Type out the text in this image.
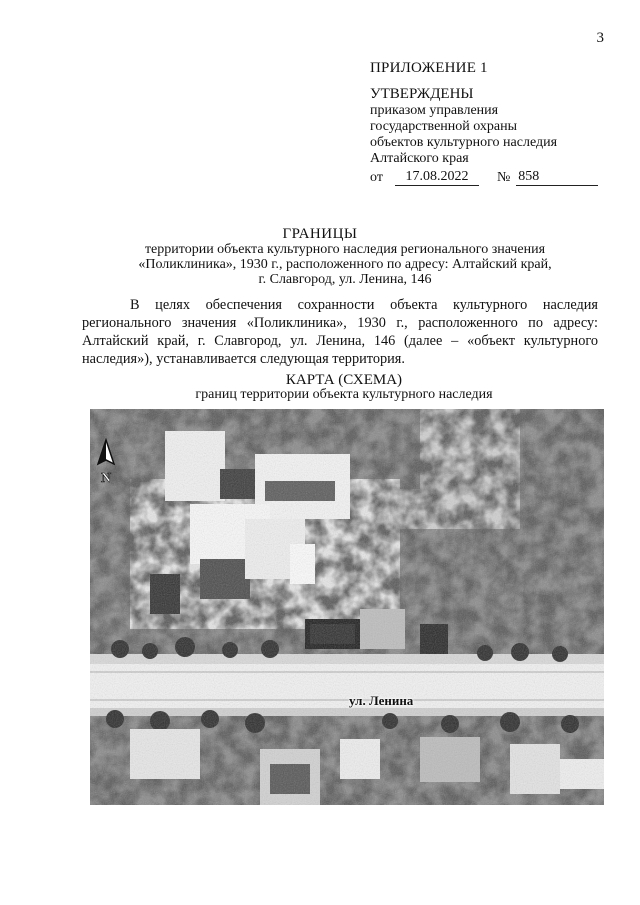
3
ПРИЛОЖЕНИЕ 1
УТВЕРЖДЕНЫ
приказом управления
государственной охраны
объектов культурного наследия
Алтайского края
от	17.08.2022	№ 858
ГРАНИЦЫ
территории объекта культурного наследия регионального значения
«Поликлиника», 1930 г., расположенного по адресу: Алтайский край,
г. Славгород, ул. Ленина, 146
В целях обеспечения сохранности объекта культурного наследия регионального значения «Поликлиника», 1930 г., расположенного по адресу: Алтайский край, г. Славгород, ул. Ленина, 146 (далее – «объект культурного наследия»), устанавливается следующая территория.
КАРТА (СХЕМА)
границ территории объекта культурного наследия
N
ул. Ленина
